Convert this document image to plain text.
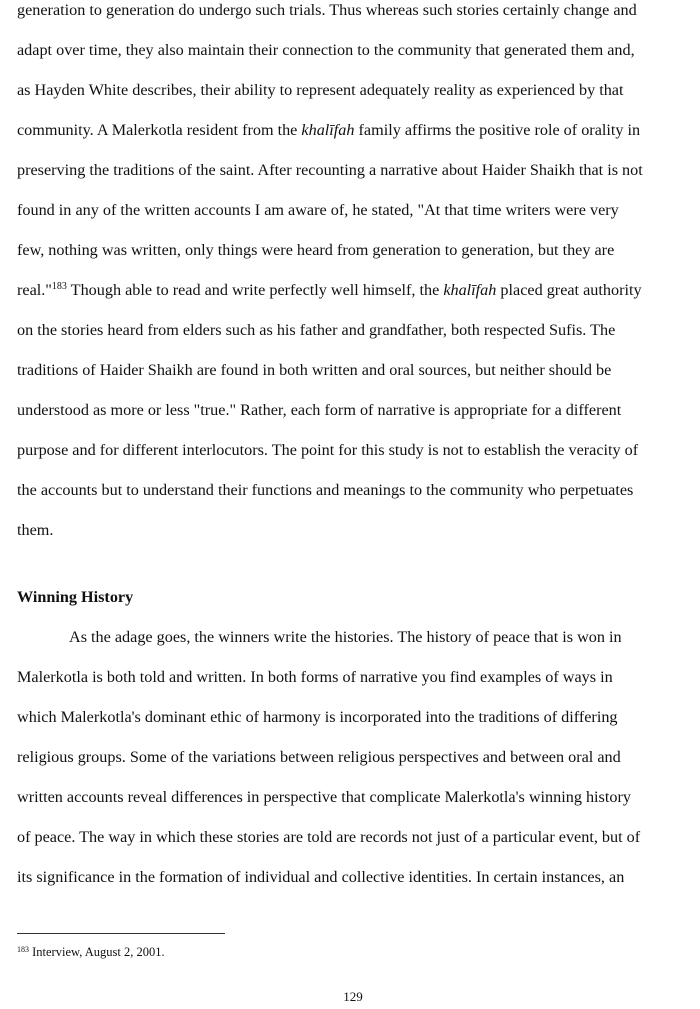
generation to generation do undergo such trials. Thus whereas such stories certainly change and
adapt over time, they also maintain their connection to the community that generated them and,
as Hayden White describes, their ability to represent adequately reality as experienced by that
community. A Malerkotla resident from the khalīfah family affirms the positive role of orality in
preserving the traditions of the saint. After recounting a narrative about Haider Shaikh that is not
found in any of the written accounts I am aware of, he stated, "At that time writers were very
few, nothing was written, only things were heard from generation to generation, but they are
real."$^{183}$ Though able to read and write perfectly well himself, the khalīfah placed great authority
on the stories heard from elders such as his father and grandfather, both respected Sufis. The
traditions of Haider Shaikh are found in both written and oral sources, but neither should be
understood as more or less "true." Rather, each form of narrative is appropriate for a different
purpose and for different interlocutors. The point for this study is not to establish the veracity of
the accounts but to understand their functions and meanings to the community who perpetuates
them.
Winning History
As the adage goes, the winners write the histories. The history of peace that is won in
Malerkotla is both told and written. In both forms of narrative you find examples of ways in
which Malerkotla's dominant ethic of harmony is incorporated into the traditions of differing
religious groups. Some of the variations between religious perspectives and between oral and
written accounts reveal differences in perspective that complicate Malerkotla's winning history
of peace. The way in which these stories are told are records not just of a particular event, but of
its significance in the formation of individual and collective identities. In certain instances, an
$^{183}$ Interview, August 2, 2001.
129
